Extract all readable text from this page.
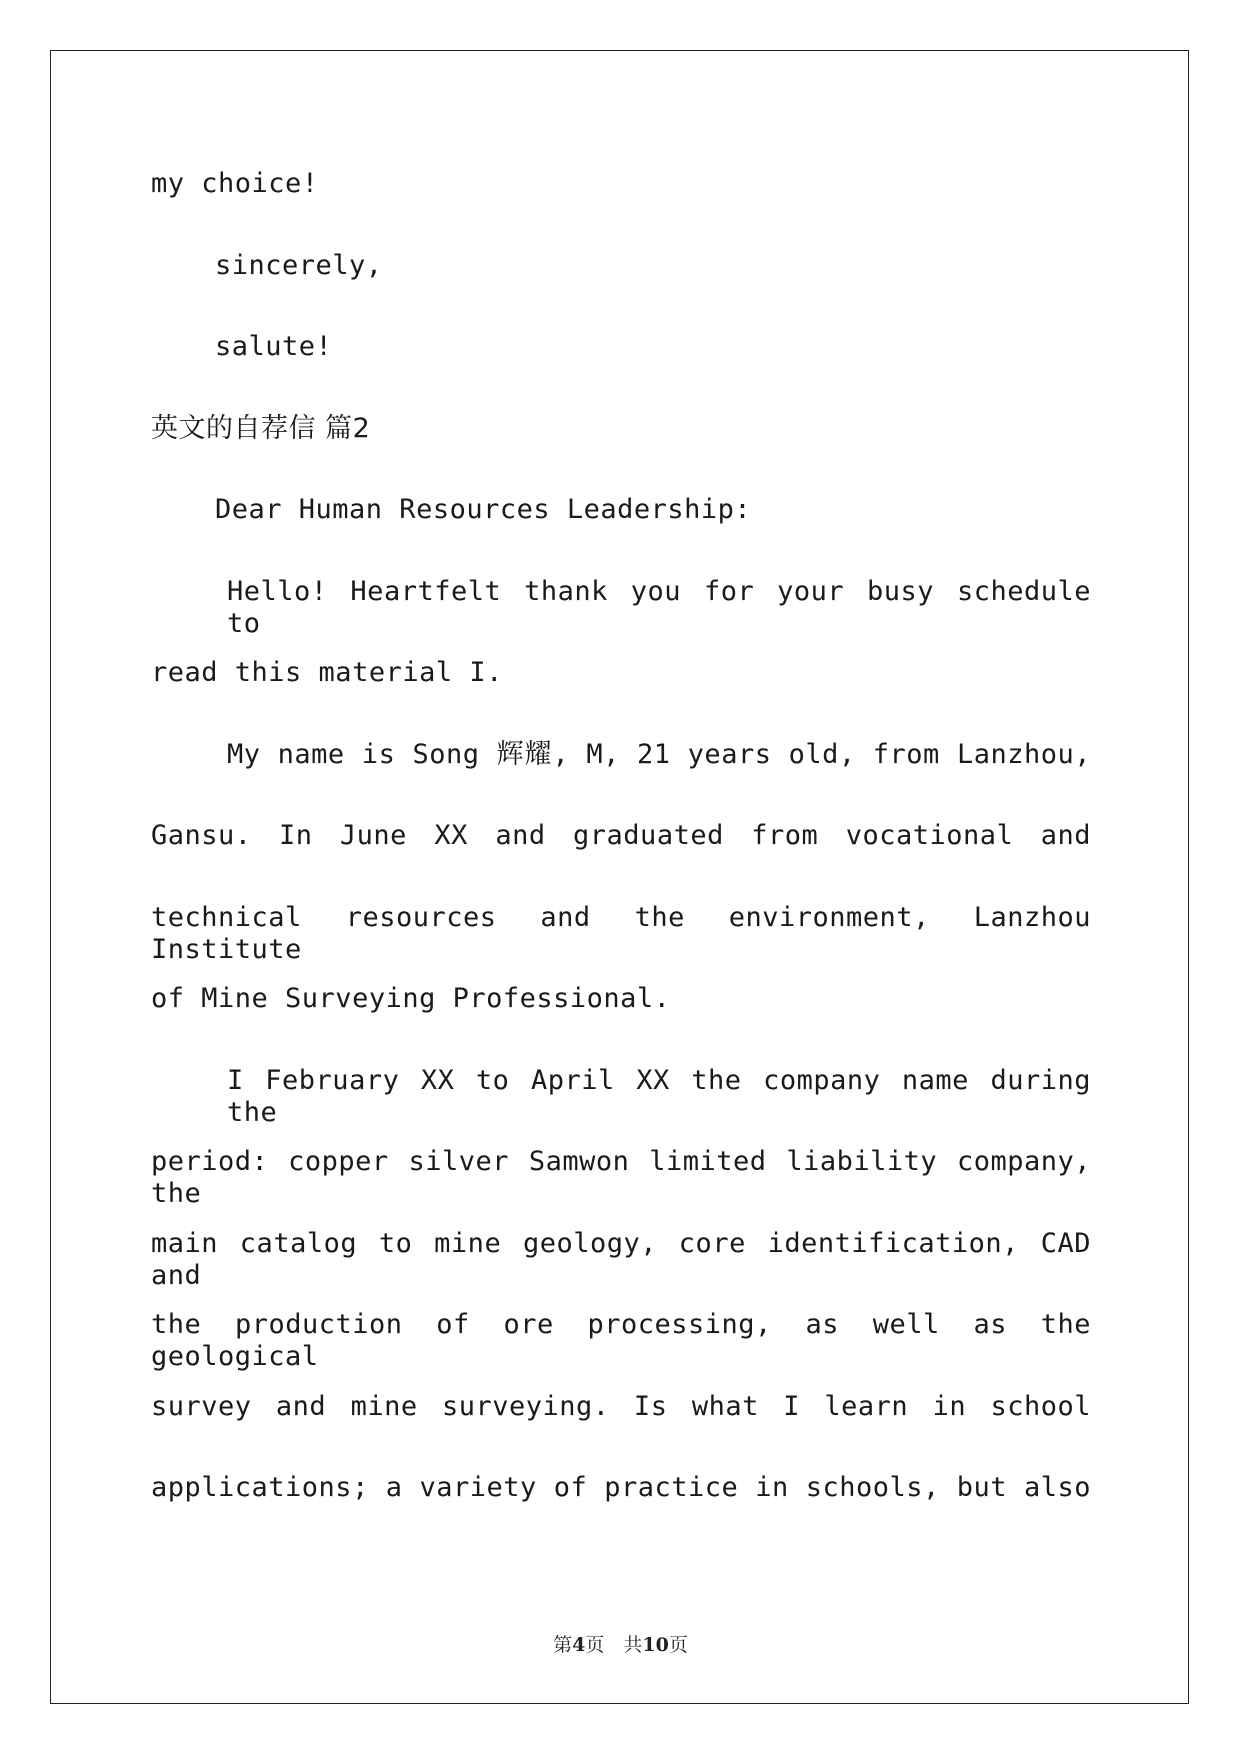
my choice!
sincerely,
salute!
英文的自荐信 篇2
Dear Human Resources Leadership:
Hello! Heartfelt thank you for your busy schedule to
read this material I.
My name is Song 辉耀, M, 21 years old, from Lanzhou,
Gansu. In June XX and graduated from vocational and
technical resources and the environment, Lanzhou Institute
of Mine Surveying Professional.
I February XX to April XX the company name during the
period: copper silver Samwon limited liability company, the
main catalog to mine geology, core identification, CAD and
the production of ore processing, as well as the geological
survey and mine surveying. Is what I learn in school
applications; a variety of practice in schools, but also
第4页　共10页
